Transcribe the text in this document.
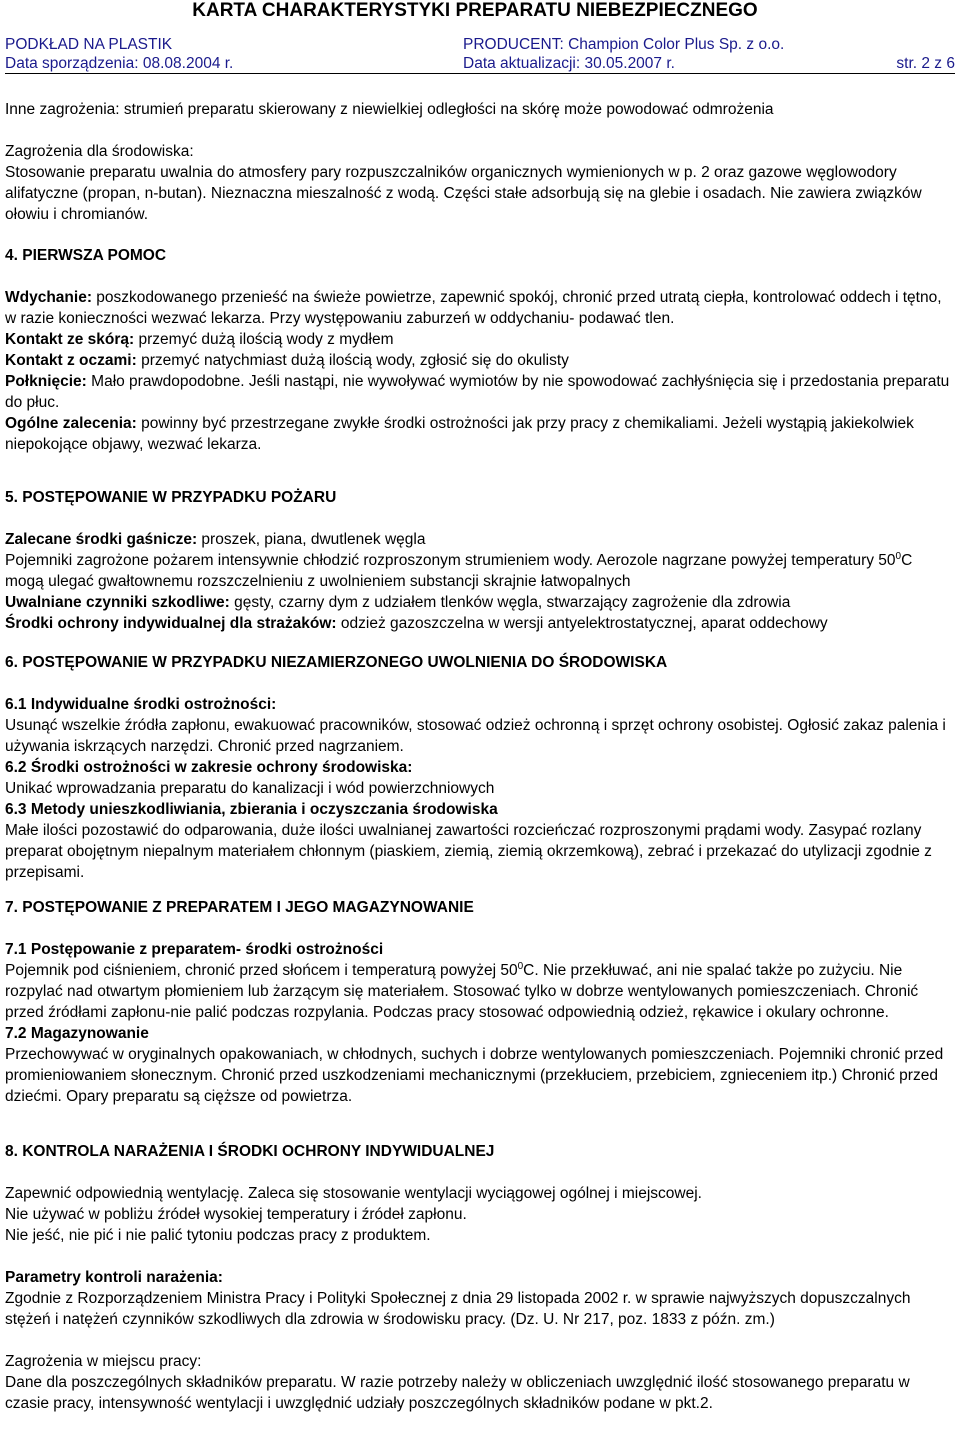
KARTA CHARAKTERYSTYKI PREPARATU NIEBEZPIECZNEGO
PODKŁAD NA PLASTIK	PRODUCENT: Champion Color Plus Sp. z o.o.
Data sporządzenia: 08.08.2004 r.	Data aktualizacji: 30.05.2007 r.	str. 2 z 6

Inne zagrożenia: strumień preparatu skierowany z niewielkiej odległości na skórę może powodować odmrożenia

Zagrożenia dla środowiska:

Stosowanie preparatu uwalnia do atmosfery pary rozpuszczalników organicznych wymienionych w p. 2 oraz gazowe węglowodory alifatyczne (propan, n-butan). Nieznaczna mieszalność z wodą. Części stałe adsorbują się na glebie i osadach. Nie zawiera związków ołowiu i chromianów.

4. PIERWSZA POMOC

Wdychanie: poszkodowanego przenieść na świeże powietrze, zapewnić spokój, chronić przed utratą ciepła, kontrolować oddech i tętno, w razie konieczności wezwać lekarza. Przy występowaniu zaburzeń w oddychaniu- podawać tlen.

Kontakt ze skórą: przemyć dużą ilością wody z mydłem

Kontakt z oczami: przemyć natychmiast dużą ilością wody, zgłosić się do okulisty

Połknięcie: Mało prawdopodobne. Jeśli nastąpi, nie wywoływać wymiotów by nie spowodować zachłyśnięcia się i przedostania preparatu do płuc.

Ogólne zalecenia: powinny być przestrzegane zwykłe środki ostrożności jak przy pracy z chemikaliami. Jeżeli wystąpią jakiekolwiek niepokojące objawy, wezwać lekarza.

5. POSTĘPOWANIE W PRZYPADKU POŻARU

Zalecane środki gaśnicze: proszek, piana, dwutlenek węgla

Pojemniki zagrożone pożarem intensywnie chłodzić rozproszonym strumieniem wody. Aerozole nagrzane powyżej temperatury $50^0C$ mogą ulegać gwałtownemu rozszczelnieniu z uwolnieniem substancji skrajnie łatwopalnych

Uwalniane czynniki szkodliwe: gęsty, czarny dym z udziałem tlenków węgla, stwarzający zagrożenie dla zdrowia

Środki ochrony indywidualnej dla strażaków: odzież gazoszczelna w wersji antyelektrostatycznej, aparat oddechowy

6. POSTĘPOWANIE W PRZYPADKU NIEZAMIERZONEGO UWOLNIENIA DO ŚRODOWISKA

6.1 Indywidualne środki ostrożności:

Usunąć wszelkie źródła zapłonu, ewakuować pracowników, stosować odzież ochronną i sprzęt ochrony osobistej. Ogłosić zakaz palenia i używania iskrzących narzędzi. Chronić przed nagrzaniem.

6.2 Środki ostrożności w zakresie ochrony środowiska:

Unikać wprowadzania preparatu do kanalizacji i wód powierzchniowych

6.3 Metody unieszkodliwiania, zbierania i oczyszczania środowiska

Małe ilości pozostawić do odparowania, duże ilości uwalnianej zawartości rozcieńczać rozproszonymi prądami wody. Zasypać rozlany preparat obojętnym niepalnym materiałem chłonnym (piaskiem, ziemią, ziemią okrzemkową), zebrać i przekazać do utylizacji zgodnie z przepisami.

7. POSTĘPOWANIE Z PREPARATEM I JEGO MAGAZYNOWANIE

7.1 Postępowanie z preparatem- środki ostrożności

Pojemnik pod ciśnieniem, chronić przed słońcem i temperaturą powyżej $50^0C$. Nie przekłuwać, ani nie spalać także po zużyciu. Nie rozpylać nad otwartym płomieniem lub żarzącym się materiałem. Stosować tylko w dobrze wentylowanych pomieszczeniach. Chronić przed źródłami zapłonu-nie palić podczas rozpylania. Podczas pracy stosować odpowiednią odzież, rękawice i okulary ochronne.

7.2 Magazynowanie

Przechowywać w oryginalnych opakowaniach, w chłodnych, suchych i dobrze wentylowanych pomieszczeniach. Pojemniki chronić przed promieniowaniem słonecznym. Chronić przed uszkodzeniami mechanicznymi (przekłuciem, przebiciem, zgnieceniem itp.) Chronić przed dziećmi. Opary preparatu są cięższe od powietrza.

8. KONTROLA NARAŻENIA I ŚRODKI OCHRONY INDYWIDUALNEJ

Zapewnić odpowiednią wentylację. Zaleca się stosowanie wentylacji wyciągowej ogólnej i miejscowej.

Nie używać w pobliżu źródeł wysokiej temperatury i źródeł zapłonu.

Nie jeść, nie pić i nie palić tytoniu podczas pracy z produktem.

Parametry kontroli narażenia:

Zgodnie z Rozporządzeniem Ministra Pracy i Polityki Społecznej z dnia 29 listopada 2002 r. w sprawie najwyższych dopuszczalnych stężeń i natężeń czynników szkodliwych dla zdrowia w środowisku pracy. (Dz. U. Nr 217, poz. 1833 z późn. zm.)

Zagrożenia w miejscu pracy:

Dane dla poszczególnych składników preparatu. W razie potrzeby należy w obliczeniach uwzględnić ilość stosowanego preparatu w czasie pracy, intensywność wentylacji i uwzględnić udziały poszczególnych składników podane w pkt.2.
